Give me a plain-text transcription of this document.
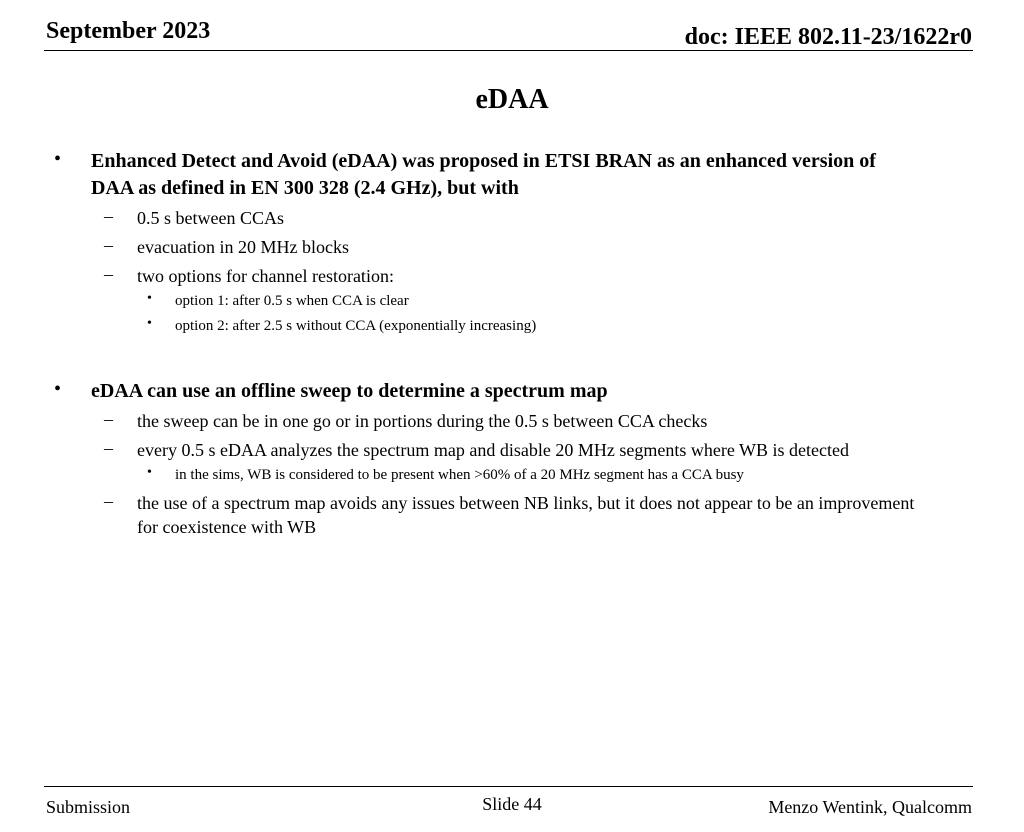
September 2023	doc: IEEE 802.11-23/1622r0
eDAA
• Enhanced Detect and Avoid (eDAA) was proposed in ETSI BRAN as an enhanced version of DAA as defined in EN 300 328 (2.4 GHz), but with
– 0.5 s between CCAs
– evacuation in 20 MHz blocks
– two options for channel restoration:
• option 1: after 0.5 s when CCA is clear
• option 2: after 2.5 s without CCA (exponentially increasing)
• eDAA can use an offline sweep to determine a spectrum map
– the sweep can be in one go or in portions during the 0.5 s between CCA checks
– every 0.5 s eDAA analyzes the spectrum map and disable 20 MHz segments where WB is detected
• in the sims, WB is considered to be present when >60% of a 20 MHz segment has a CCA busy
– the use of a spectrum map avoids any issues between NB links, but it does not appear to be an improvement for coexistence with WB
Submission	Slide 44	Menzo Wentink, Qualcomm
